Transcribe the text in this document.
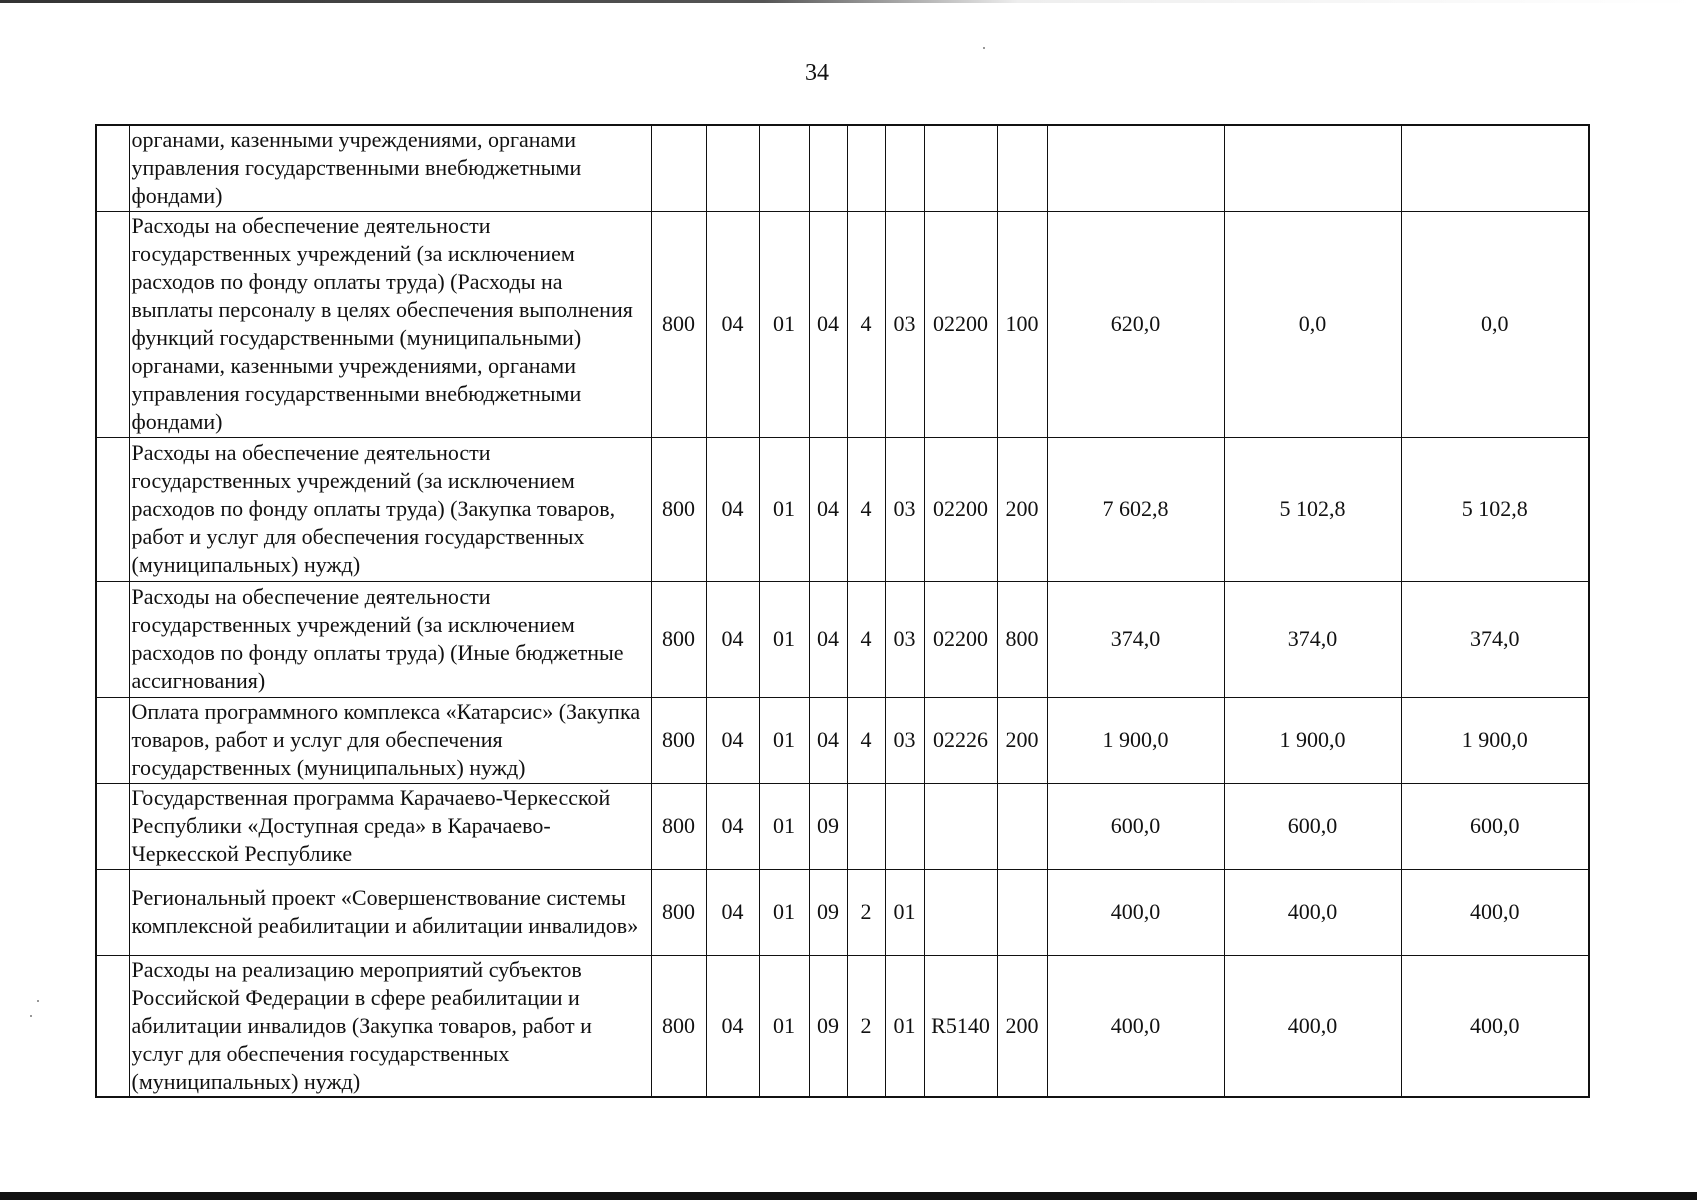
34
	органами, казенными учреждениями, органами управления государственными внебюджетными фондами)											
	Расходы на обеспечение деятельности государственных учреждений (за исключением расходов по фонду оплаты труда) (Расходы на выплаты персоналу в целях обеспечения выполнения функций государственными (муниципальными) органами, казенными учреждениями, органами управления государственными внебюджетными фондами)	800	04	01	04	4	03	02200	100	620,0	0,0	0,0
	Расходы на обеспечение деятельности государственных учреждений (за исключением расходов по фонду оплаты труда) (Закупка товаров, работ и услуг для обеспечения государственных (муниципальных) нужд)	800	04	01	04	4	03	02200	200	7 602,8	5 102,8	5 102,8
	Расходы на обеспечение деятельности государственных учреждений (за исключением расходов по фонду оплаты труда) (Иные бюджетные ассигнования)	800	04	01	04	4	03	02200	800	374,0	374,0	374,0
	Оплата программного комплекса «Катарсис» (Закупка товаров, работ и услуг для обеспечения государственных (муниципальных) нужд)	800	04	01	04	4	03	02226	200	1 900,0	1 900,0	1 900,0
	Государственная программа Карачаево-Черкесской Республики «Доступная среда» в Карачаево-Черкесской Республике	800	04	01	09					600,0	600,0	600,0
	Региональный проект «Совершенствование системы комплексной реабилитации и абилитации инвалидов»	800	04	01	09	2	01			400,0	400,0	400,0
	Расходы на реализацию мероприятий субъектов Российской Федерации в сфере реабилитации и абилитации инвалидов (Закупка товаров, работ и услуг для обеспечения государственных (муниципальных) нужд)	800	04	01	09	2	01	R5140	200	400,0	400,0	400,0
